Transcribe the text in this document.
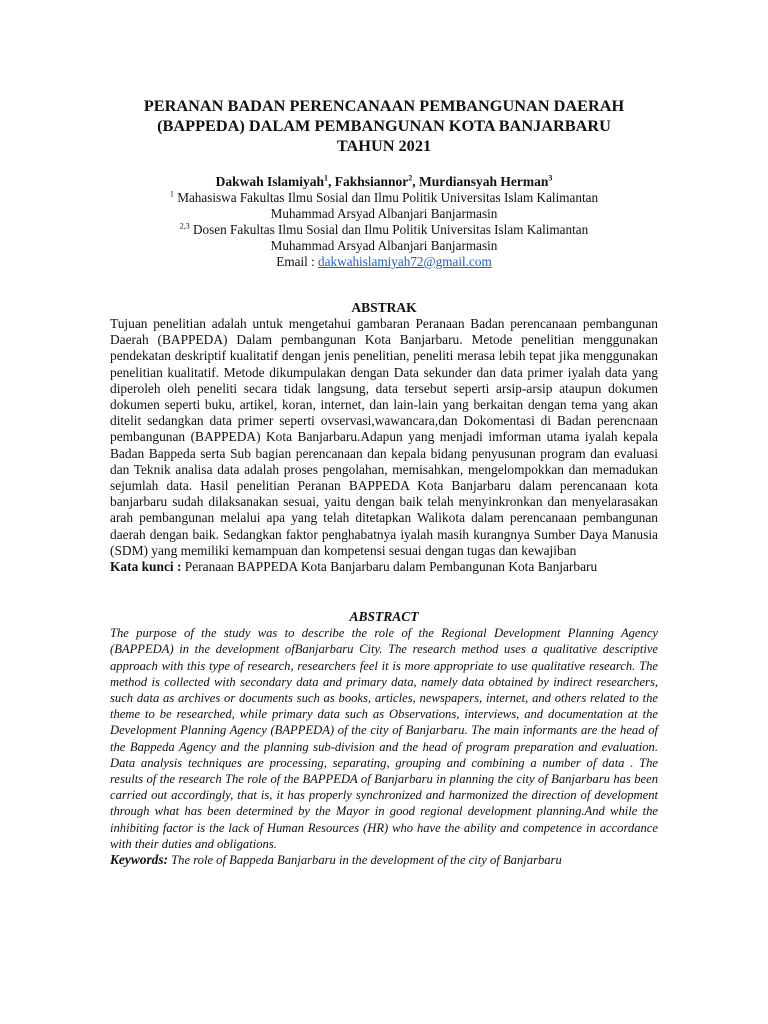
PERANAN BADAN PERENCANAAN PEMBANGUNAN DAERAH
(BAPPEDA) DALAM PEMBANGUNAN KOTA BANJARBARU
TAHUN 2021
Dakwah Islamiyah$^1$, Fakhsiannor$^2$, Murdiansyah Herman$^3$
$^1$ Mahasiswa Fakultas Ilmu Sosial dan Ilmu Politik Universitas Islam Kalimantan
Muhammad Arsyad Albanjari Banjarmasin
$^{2,3}$ Dosen Fakultas Ilmu Sosial dan Ilmu Politik Universitas Islam Kalimantan
Muhammad Arsyad Albanjari Banjarmasin
Email : dakwahislamiyah72@gmail.com
ABSTRAK

Tujuan penelitian adalah untuk mengetahui gambaran Peranaan Badan perencanaan pembangunan Daerah (BAPPEDA) Dalam pembangunan Kota Banjarbaru. Metode penelitian menggunakan pendekatan deskriptif kualitatif dengan jenis penelitian, peneliti merasa lebih tepat jika menggunakan penelitian kualitatif. Metode dikumpulakan dengan Data sekunder dan data primer iyalah data yang diperoleh oleh peneliti secara tidak langsung, data tersebut seperti arsip-arsip ataupun dokumen dokumen seperti buku, artikel, koran, internet, dan lain-lain yang berkaitan dengan tema yang akan ditelit sedangkan data primer seperti ovservasi,wawancara,dan Dokomentasi di Badan perencnaan pembangunan (BAPPEDA) Kota Banjarbaru.Adapun yang menjadi imforman utama iyalah kepala Badan Bappeda serta Sub bagian perencanaan dan kepala bidang penyusunan program dan evaluasi dan Teknik analisa data adalah proses pengolahan, memisahkan, mengelompokkan dan memadukan sejumlah data. Hasil penelitian Peranan BAPPEDA Kota Banjarbaru dalam perencanaan kota banjarbaru sudah dilaksanakan sesuai, yaitu dengan baik telah menyinkronkan dan menyelarasakan arah pembangunan melalui apa yang telah ditetapkan Walikota dalam perencanaan pembangunan daerah dengan baik. Sedangkan faktor penghabatnya iyalah masih kurangnya Sumber Daya Manusia (SDM) yang memiliki kemampuan dan kompetensi sesuai dengan tugas dan kewajiban

Kata kunci : Peranaan BAPPEDA Kota Banjarbaru dalam Pembangunan Kota Banjarbaru
ABSTRACT

The purpose of the study was to describe the role of the Regional Development Planning Agency (BAPPEDA) in the development ofBanjarbaru City. The research method uses a qualitative descriptive approach with this type of research, researchers feel it is more appropriate to use qualitative research. The method is collected with secondary data and primary data, namely data obtained by indirect researchers, such data as archives or documents such as books, articles, newspapers, internet, and others related to the theme to be researched, while primary data such as Observations, interviews, and documentation at the Development Planning Agency (BAPPEDA) of the city of Banjarbaru. The main informants are the head of the Bappeda Agency and the planning sub-division and the head of program preparation and evaluation. Data analysis techniques are processing, separating, grouping and combining a number of data . The results of the research The role of the BAPPEDA of Banjarbaru in planning the city of Banjarbaru has been carried out accordingly, that is, it has properly synchronized and harmonized the direction of development through what has been determined by the Mayor in good regional development planning.And while the inhibiting factor is the lack of Human Resources (HR) who have the ability and competence in accordance with their duties and obligations.

Keywords: The role of Bappeda Banjarbaru in the development of the city of Banjarbaru
